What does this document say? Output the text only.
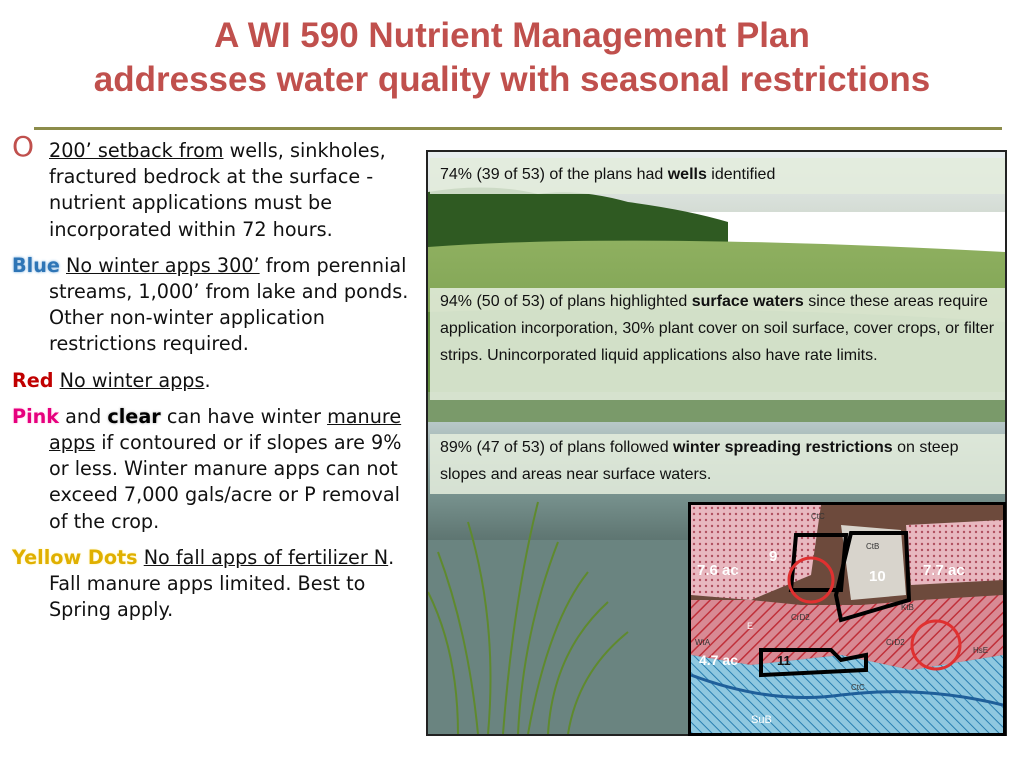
A WI 590 Nutrient Management Plan
addresses water quality with seasonal restrictions
O 200’ setback from wells, sinkholes, fractured bedrock at the surface -nutrient applications must be incorporated within 72 hours.

Blue No winter apps 300’ from perennial streams, 1,000’ from lake and ponds. Other non-winter application restrictions required.

Red No winter apps.

Pink and clear can have winter manure apps if contoured or if slopes are 9% or less. Winter manure apps can not exceed 7,000 gals/acre or P removal of the crop.

Yellow Dots No fall apps of fertilizer N. Fall manure apps limited. Best to Spring apply.

74% (39 of 53) of the plans had wells identified
94% (50 of 53) of plans highlighted surface waters since these areas require application incorporation, 30% plant cover on soil surface, cover crops, or filter strips. Unincorporated liquid applications also have rate limits.
89% (47 of 53) of plans followed winter spreading restrictions on steep slopes and areas near surface waters.
9
10
11
7.6 ac	7.7 ac
4.7 ac
CtC
CtB
KtB
CrD2
CrD2
CtC
WtA
HsE
SuB
E
